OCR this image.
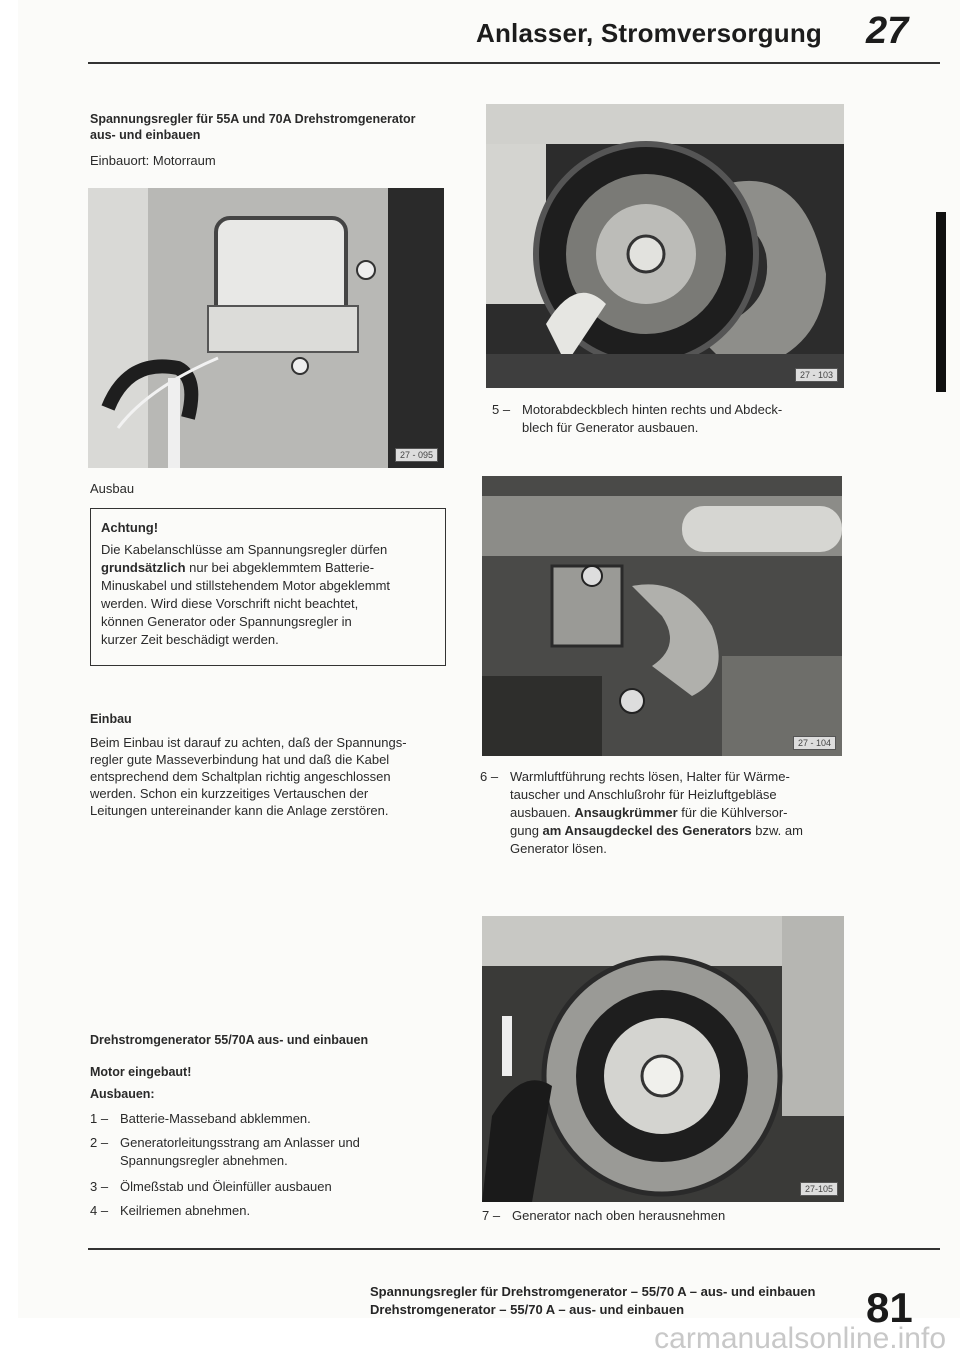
Anlasser, Stromversorgung 27
Spannungsregler für 55A und 70A Drehstromgenerator
aus- und einbauen
Einbauort: Motorraum
27 - 095
Ausbau
Achtung!
Die Kabelanschlüsse am Spannungsregler dürfen
grundsätzlich nur bei abgeklemmtem Batterie-
Minuskabel und stillstehendem Motor abgeklemmt
werden. Wird diese Vorschrift nicht beachtet,
können Generator oder Spannungsregler in
kurzer Zeit beschädigt werden.
Einbau
Beim Einbau ist darauf zu achten, daß der Spannungs-
regler gute Masseverbindung hat und daß die Kabel
entsprechend dem Schaltplan richtig angeschlossen
werden. Schon ein kurzzeitiges Vertauschen der
Leitungen untereinander kann die Anlage zerstören.
Drehstromgenerator 55/70A aus- und einbauen
Motor eingebaut!
Ausbauen:
1 – Batterie-Masseband abklemmen.
2 – Generatorleitungsstrang am Anlasser und
Spannungsregler abnehmen.
3 – Ölmeßstab und Öleinfüller ausbauen
4 – Keilriemen abnehmen.
27 - 103
5 – Motorabdeckblech hinten rechts und Abdeck-
blech für Generator ausbauen.
27 - 104
6 – Warmluftführung rechts lösen, Halter für Wärme-
tauscher und Anschlußrohr für Heizluftgebläse
ausbauen. Ansaugkrümmer für die Kühlversor-
gung am Ansaugdeckel des Generators bzw. am
Generator lösen.
27-105
7 – Generator nach oben herausnehmen
Spannungsregler für Drehstromgenerator – 55/70 A – aus- und einbauen
Drehstromgenerator – 55/70 A – aus- und einbauen	81
carmanualsonline.info
